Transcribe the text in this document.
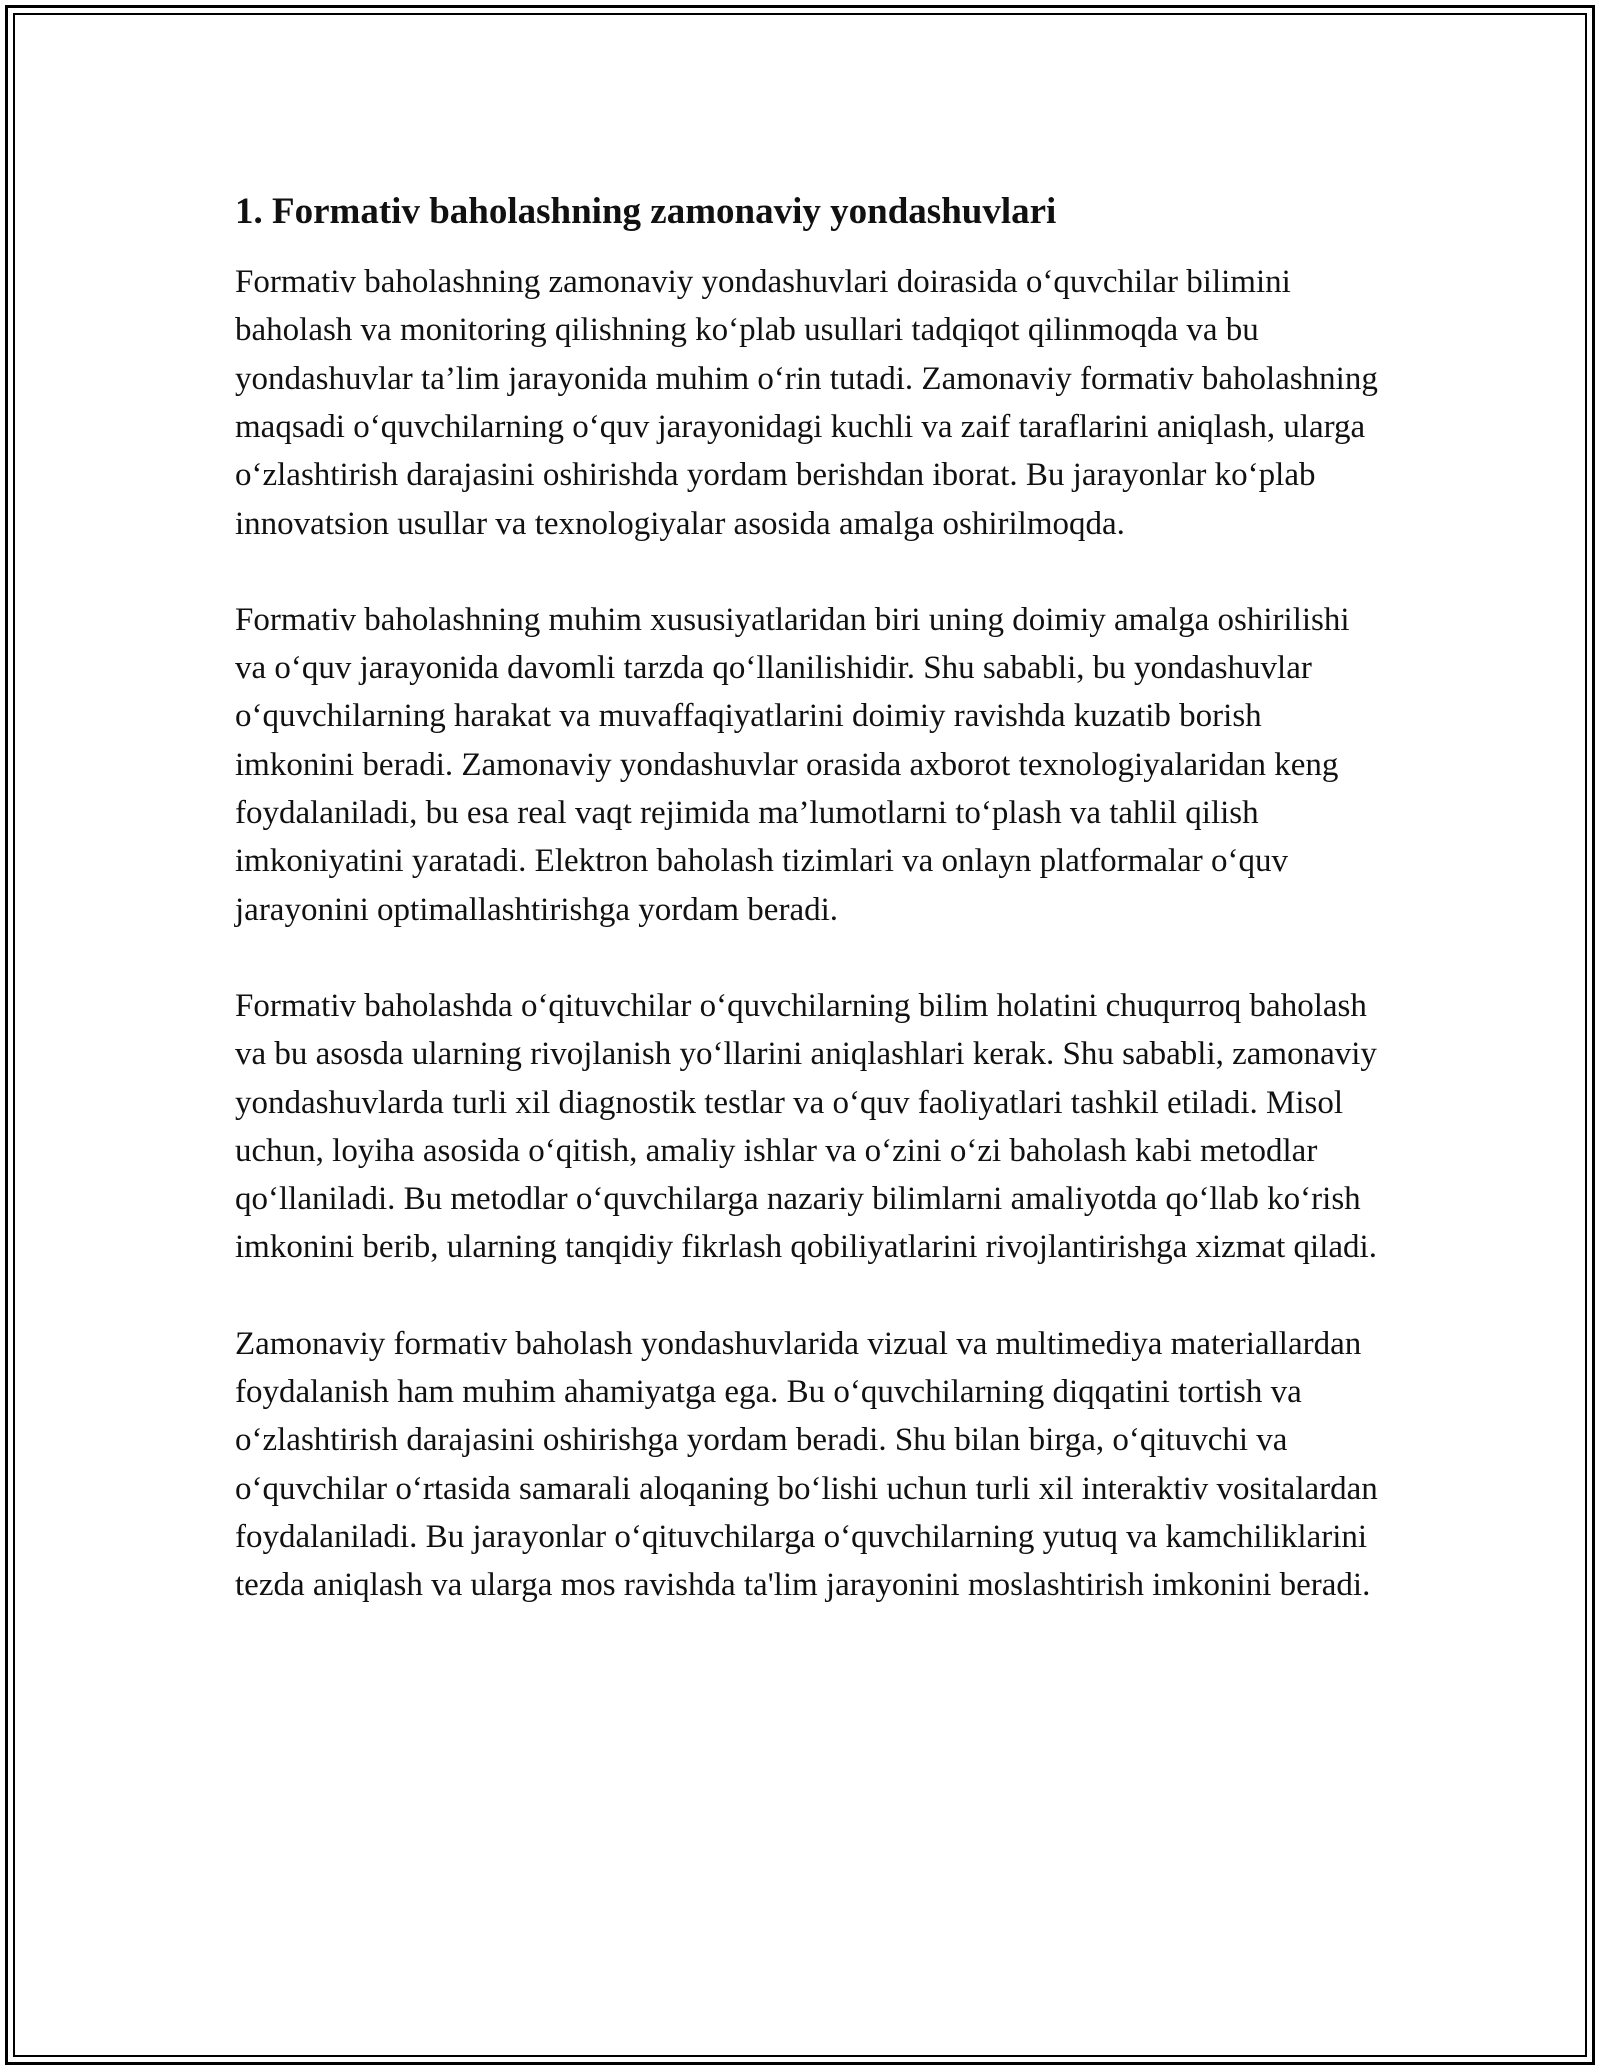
1. Formativ baholashning zamonaviy yondashuvlari

Formativ baholashning zamonaviy yondashuvlari doirasida o‘quvchilar bilimini baholash va monitoring qilishning ko‘plab usullari tadqiqot qilinmoqda va bu yondashuvlar ta’lim jarayonida muhim o‘rin tutadi. Zamonaviy formativ baholashning maqsadi o‘quvchilarning o‘quv jarayonidagi kuchli va zaif taraflarini aniqlash, ularga o‘zlashtirish darajasini oshirishda yordam berishdan iborat. Bu jarayonlar ko‘plab innovatsion usullar va texnologiyalar asosida amalga oshirilmoqda.

Formativ baholashning muhim xususiyatlaridan biri uning doimiy amalga oshirilishi va o‘quv jarayonida davomli tarzda qo‘llanilishidir. Shu sababli, bu yondashuvlar o‘quvchilarning harakat va muvaffaqiyatlarini doimiy ravishda kuzatib borish imkonini beradi. Zamonaviy yondashuvlar orasida axborot texnologiyalaridan keng foydalaniladi, bu esa real vaqt rejimida ma’lumotlarni to‘plash va tahlil qilish imkoniyatini yaratadi. Elektron baholash tizimlari va onlayn platformalar o‘quv jarayonini optimallashtirishga yordam beradi.

Formativ baholashda o‘qituvchilar o‘quvchilarning bilim holatini chuqurroq baholash va bu asosda ularning rivojlanish yo‘llarini aniqlashlari kerak. Shu sababli, zamonaviy yondashuvlarda turli xil diagnostik testlar va o‘quv faoliyatlari tashkil etiladi. Misol uchun, loyiha asosida o‘qitish, amaliy ishlar va o‘zini o‘zi baholash kabi metodlar qo‘llaniladi. Bu metodlar o‘quvchilarga nazariy bilimlarni amaliyotda qo‘llab ko‘rish imkonini berib, ularning tanqidiy fikrlash qobiliyatlarini rivojlantirishga xizmat qiladi.

Zamonaviy formativ baholash yondashuvlarida vizual va multimediya materiallardan foydalanish ham muhim ahamiyatga ega. Bu o‘quvchilarning diqqatini tortish va o‘zlashtirish darajasini oshirishga yordam beradi. Shu bilan birga, o‘qituvchi va o‘quvchilar o‘rtasida samarali aloqaning bo‘lishi uchun turli xil interaktiv vositalardan foydalaniladi. Bu jarayonlar o‘qituvchilarga o‘quvchilarning yutuq va kamchiliklarini tezda aniqlash va ularga mos ravishda ta'lim jarayonini moslashtirish imkonini beradi.
